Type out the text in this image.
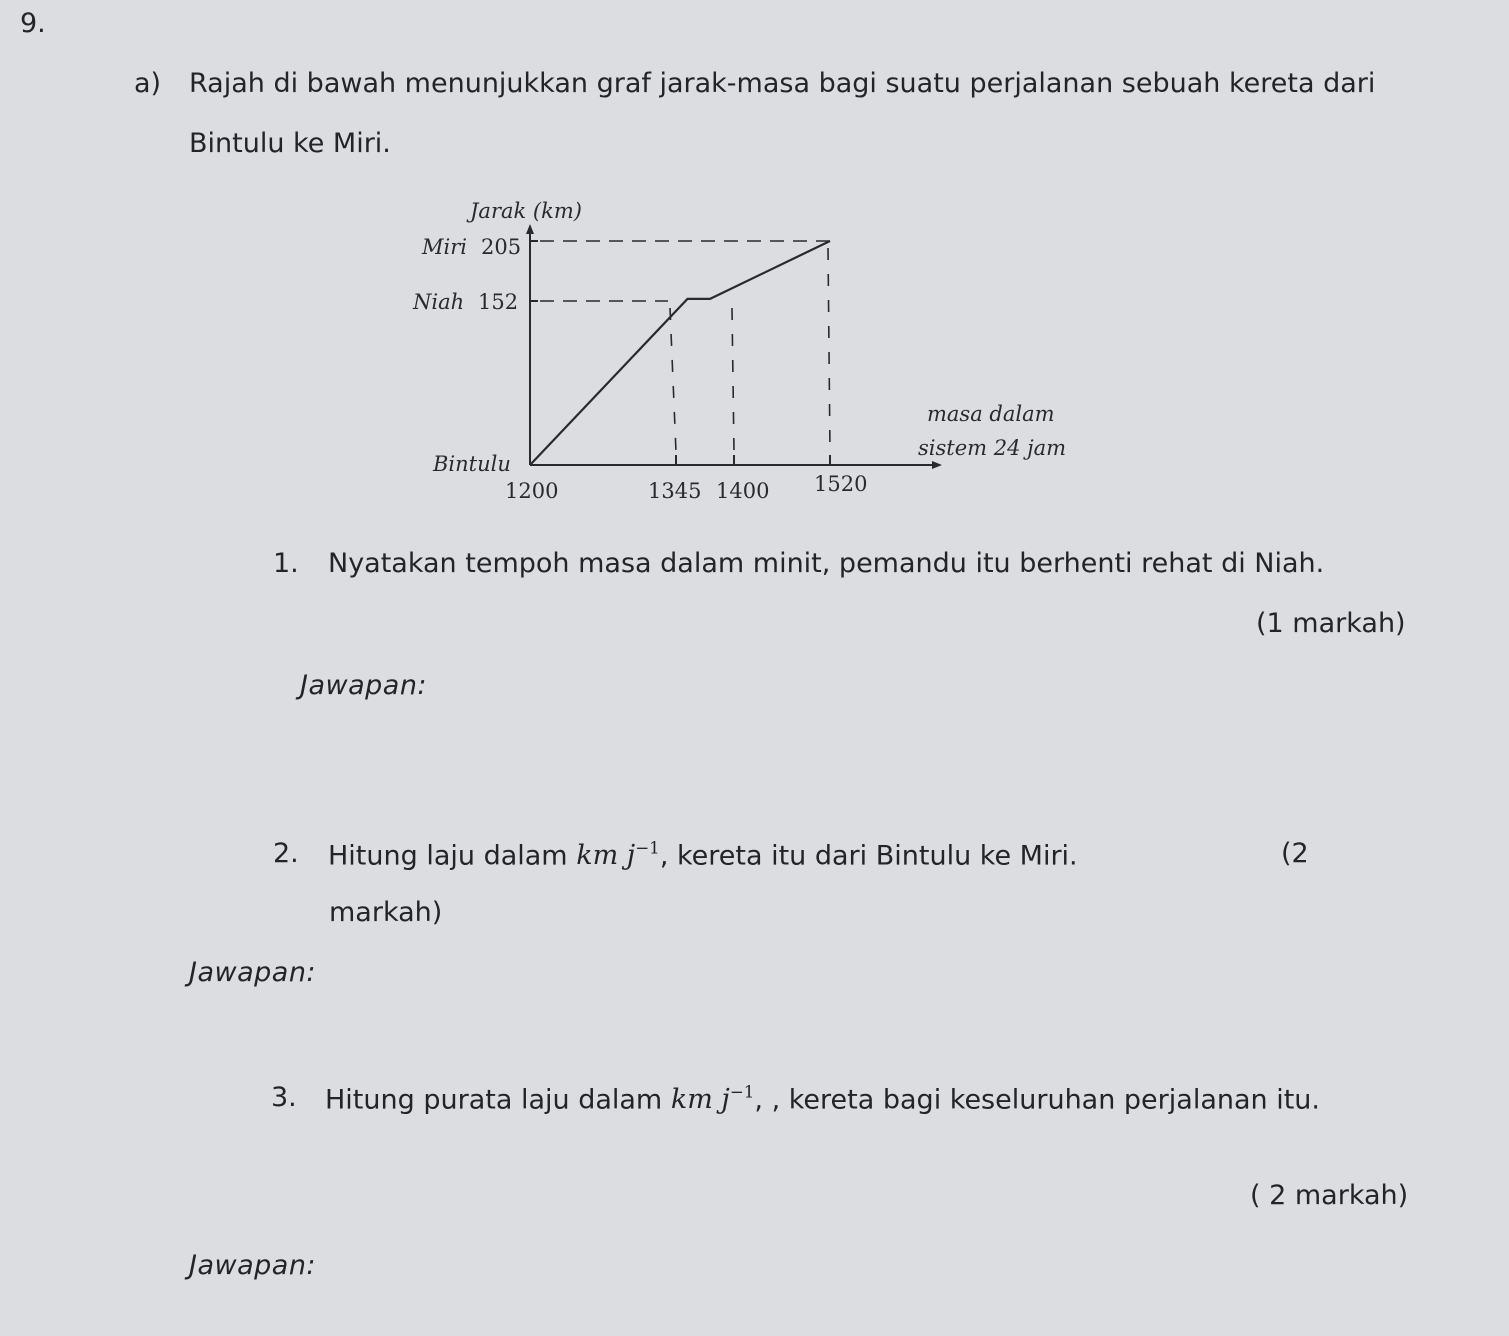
9.
a) Rajah di bawah menunjukkan graf jarak-masa bagi suatu perjalanan sebuah kereta dari
Bintulu ke Miri.
Jarak (km)
Miri 205
Niah 152
Bintulu
1200	1345 1400 1520
masa dalam
sistem 24 jam
1. Nyatakan tempoh masa dalam minit, pemandu itu berhenti rehat di Niah.
(1 markah)
Jawapan:
2. Hitung laju dalam km $j^{-1}$, kereta itu dari Bintulu ke Miri.	(2
markah)
Jawapan:
3. Hitung purata laju dalam km $j^{-1}$, , kereta bagi keseluruhan perjalanan itu.
( 2 markah)
Jawapan:
